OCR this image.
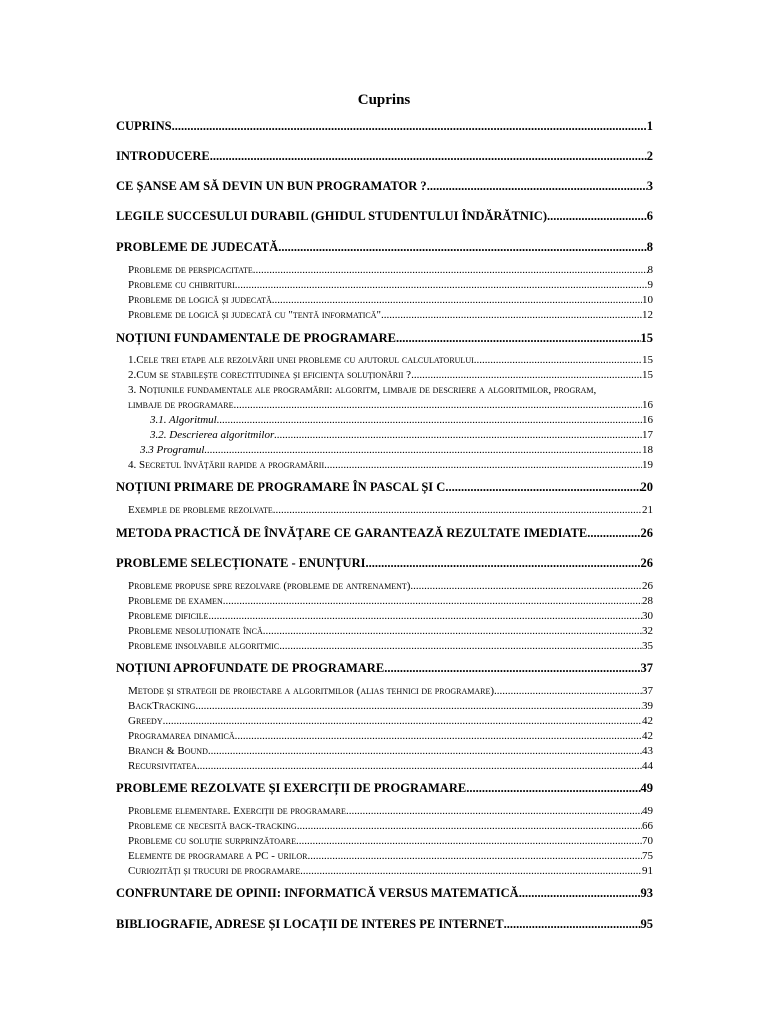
Cuprins
CUPRINS .....	1
INTRODUCERE .....	2
CE ȘANSE AM SĂ DEVIN UN BUN PROGRAMATOR ? .....	3
LEGILE SUCCESULUI DURABIL (GHIDUL STUDENTULUI ÎNDĂRĂTNIC) .....	6
PROBLEME DE JUDECATĂ .....	8
Probleme de perspicacitate .....	8
Probleme cu chibrituri .....	9
Probleme de logică și judecată .....	10
Probleme de logică și judecată cu "tentă informatică" .....	12
NOȚIUNI FUNDAMENTALE DE PROGRAMARE .....	15
1.Cele trei etape ale rezolvării unei probleme cu ajutorul calculatorului .....	15
2.Cum se stabilește corectitudinea și eficiența soluționării ? .....	15
3. Noțiunile fundamentale ale programării: algoritm, limbaje de descriere a algoritmilor, program,
limbaje de programare .....	16
3.1. Algoritmul .....	16
3.2. Descrierea algoritmilor .....	17
3.3 Programul .....	18
4. Secretul învățării rapide a programării .....	19
NOȚIUNI PRIMARE DE PROGRAMARE ÎN PASCAL ȘI C .....	20
Exemple de probleme rezolvate .....	21
METODA PRACTICĂ DE ÎNVĂȚARE CE GARANTEAZĂ REZULTATE IMEDIATE .....	26
PROBLEME SELECȚIONATE - ENUNȚURI .....	26
Probleme propuse spre rezolvare (probleme de antrenament) .....	26
Probleme de examen .....	28
Probleme dificile .....	30
Probleme nesoluționate încă .....	32
Probleme insolvabile algoritmic .....	35
NOȚIUNI APROFUNDATE DE PROGRAMARE .....	37
Metode și strategii de proiectare a algoritmilor (alias tehnici de programare) .....	37
BackTracking .....	39
Greedy .....	42
Programarea dinamică .....	42
Branch & Bound .....	43
Recursivitatea .....	44
PROBLEME REZOLVATE ȘI EXERCIȚII DE PROGRAMARE .....	49
Probleme elementare. Exerciții de programare .....	49
Probleme ce necesită back-tracking .....	66
Probleme cu soluție surprinzătoare .....	70
Elemente de programare a PC - urilor .....	75
Curiozități și trucuri de programare .....	91
CONFRUNTARE DE OPINII: INFORMATICĂ VERSUS MATEMATICĂ .....	93
BIBLIOGRAFIE, ADRESE ȘI LOCAȚII DE INTERES PE INTERNET .....	95
